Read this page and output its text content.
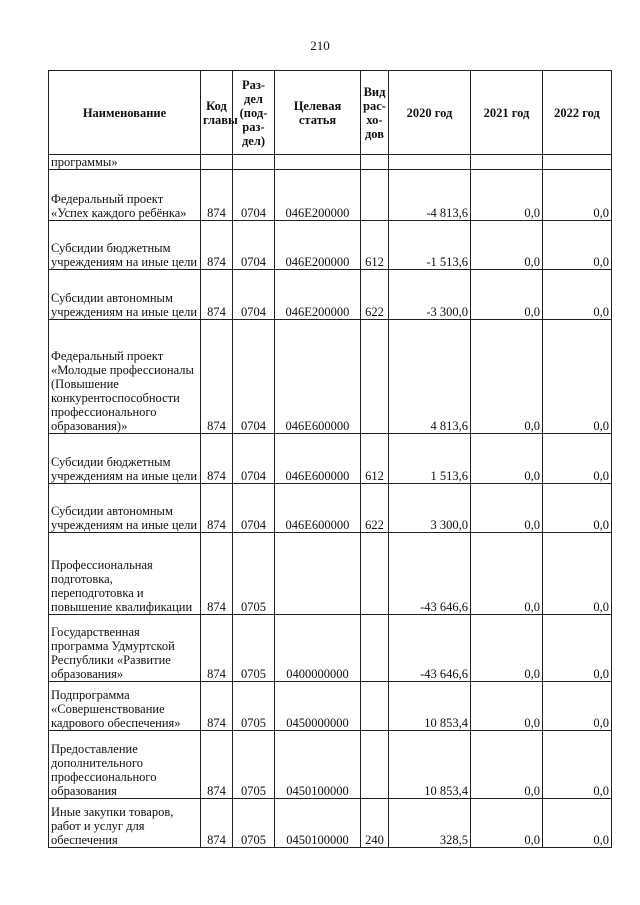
210
Наименование	Код главы	Раз-дел (под-раз-дел)	Целевая статья	Вид рас-хо-дов	2020 год	2021 год	2022 год
программы»							
Федеральный проект «Успех каждого ребёнка»	874	0704	046E200000		-4 813,6	0,0	0,0
Субсидии бюджетным учреждениям на иные цели	874	0704	046E200000	612	-1 513,6	0,0	0,0
Субсидии автономным учреждениям на иные цели	874	0704	046E200000	622	-3 300,0	0,0	0,0
Федеральный проект «Молодые профессионалы (Повышение конкурентоспособности профессионального образования)»	874	0704	046E600000		4 813,6	0,0	0,0
Субсидии бюджетным учреждениям на иные цели	874	0704	046E600000	612	1 513,6	0,0	0,0
Субсидии автономным учреждениям на иные цели	874	0704	046E600000	622	3 300,0	0,0	0,0
Профессиональная подготовка, переподготовка и повышение квалификации	874	0705			-43 646,6	0,0	0,0
Государственная программа Удмуртской Республики «Развитие образования»	874	0705	0400000000		-43 646,6	0,0	0,0
Подпрограмма «Совершенствование кадрового обеспечения»	874	0705	0450000000		10 853,4	0,0	0,0
Предоставление дополнительного профессионального образования	874	0705	0450100000		10 853,4	0,0	0,0
Иные закупки товаров, работ и услуг для обеспечения	874	0705	0450100000	240	328,5	0,0	0,0
